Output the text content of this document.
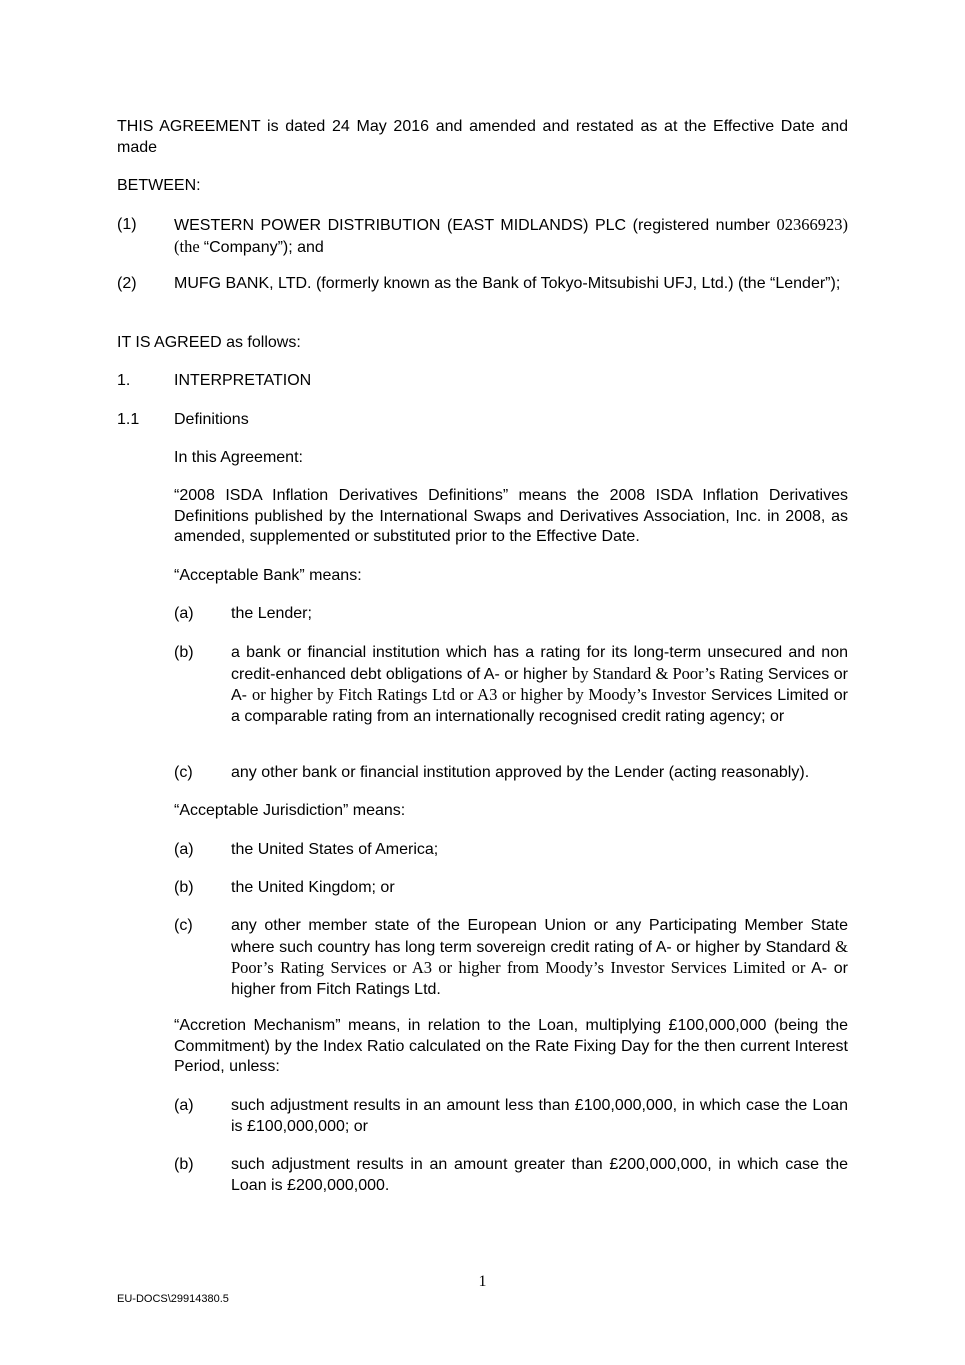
THIS AGREEMENT is dated 24 May 2016 and amended and restated as at the Effective Date and made
BETWEEN:
(1) WESTERN POWER DISTRIBUTION (EAST MIDLANDS) PLC (registered number 02366923) (the “Company”); and
(2) MUFG BANK, LTD. (formerly known as the Bank of Tokyo-Mitsubishi UFJ, Ltd.) (the “Lender”);
IT IS AGREED as follows:
1.	INTERPRETATION
1.1 Definitions
In this Agreement:
“2008 ISDA Inflation Derivatives Definitions” means the 2008 ISDA Inflation Derivatives Definitions published by the International Swaps and Derivatives Association, Inc. in 2008, as amended, supplemented or substituted prior to the Effective Date.
“Acceptable Bank” means:
(a) the Lender;
(b) a bank or financial institution which has a rating for its long-term unsecured and non credit-enhanced debt obligations of A- or higher by Standard & Poor’s Rating Services or A- or higher by Fitch Ratings Ltd or A3 or higher by Moody’s Investor Services Limited or a comparable rating from an internationally recognised credit rating agency; or
(c) any other bank or financial institution approved by the Lender (acting reasonably).
“Acceptable Jurisdiction” means:
(a) the United States of America;
(b) the United Kingdom; or
(c) any other member state of the European Union or any Participating Member State where such country has long term sovereign credit rating of A- or higher by Standard & Poor’s Rating Services or A3 or higher from Moody’s Investor Services Limited or A- or higher from Fitch Ratings Ltd.
“Accretion Mechanism” means, in relation to the Loan, multiplying £100,000,000 (being the Commitment) by the Index Ratio calculated on the Rate Fixing Day for the then current Interest Period, unless:
(a) such adjustment results in an amount less than £100,000,000, in which case the Loan is £100,000,000; or
(b) such adjustment results in an amount greater than £200,000,000, in which case the Loan is £200,000,000.
1
EU-DOCS\29914380.5
